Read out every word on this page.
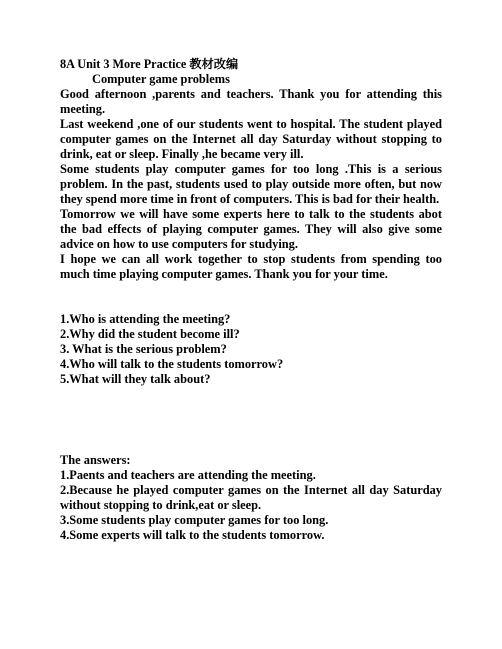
8A Unit 3 More Practice 教材改编

Computer game problems

Good afternoon ,parents and teachers. Thank you for attending this meeting.

Last weekend ,one of our students went to hospital. The student played computer games on the Internet all day Saturday without stopping to drink, eat or sleep. Finally ,he became very ill.

Some students play computer games for too long .This is a serious problem. In the past, students used to play outside more often, but now they spend more time in front of computers. This is bad for their health.

Tomorrow we will have some experts here to talk to the students abot the bad effects of playing computer games. They will also give some advice on how to use computers for studying.

I hope we can all work together to stop students from spending too much time playing computer games. Thank you for your time.

1.Who is attending the meeting?

2.Why did the student become ill?

3. What is the serious problem?

4.Who will talk to the students tomorrow?

5.What will they talk about?

The answers:

1.Paents and teachers are attending the meeting.

2.Because he played computer games on the Internet all day Saturday without stopping to drink,eat or sleep.

3.Some students play computer games for too long.

4.Some experts will talk to the students tomorrow.
